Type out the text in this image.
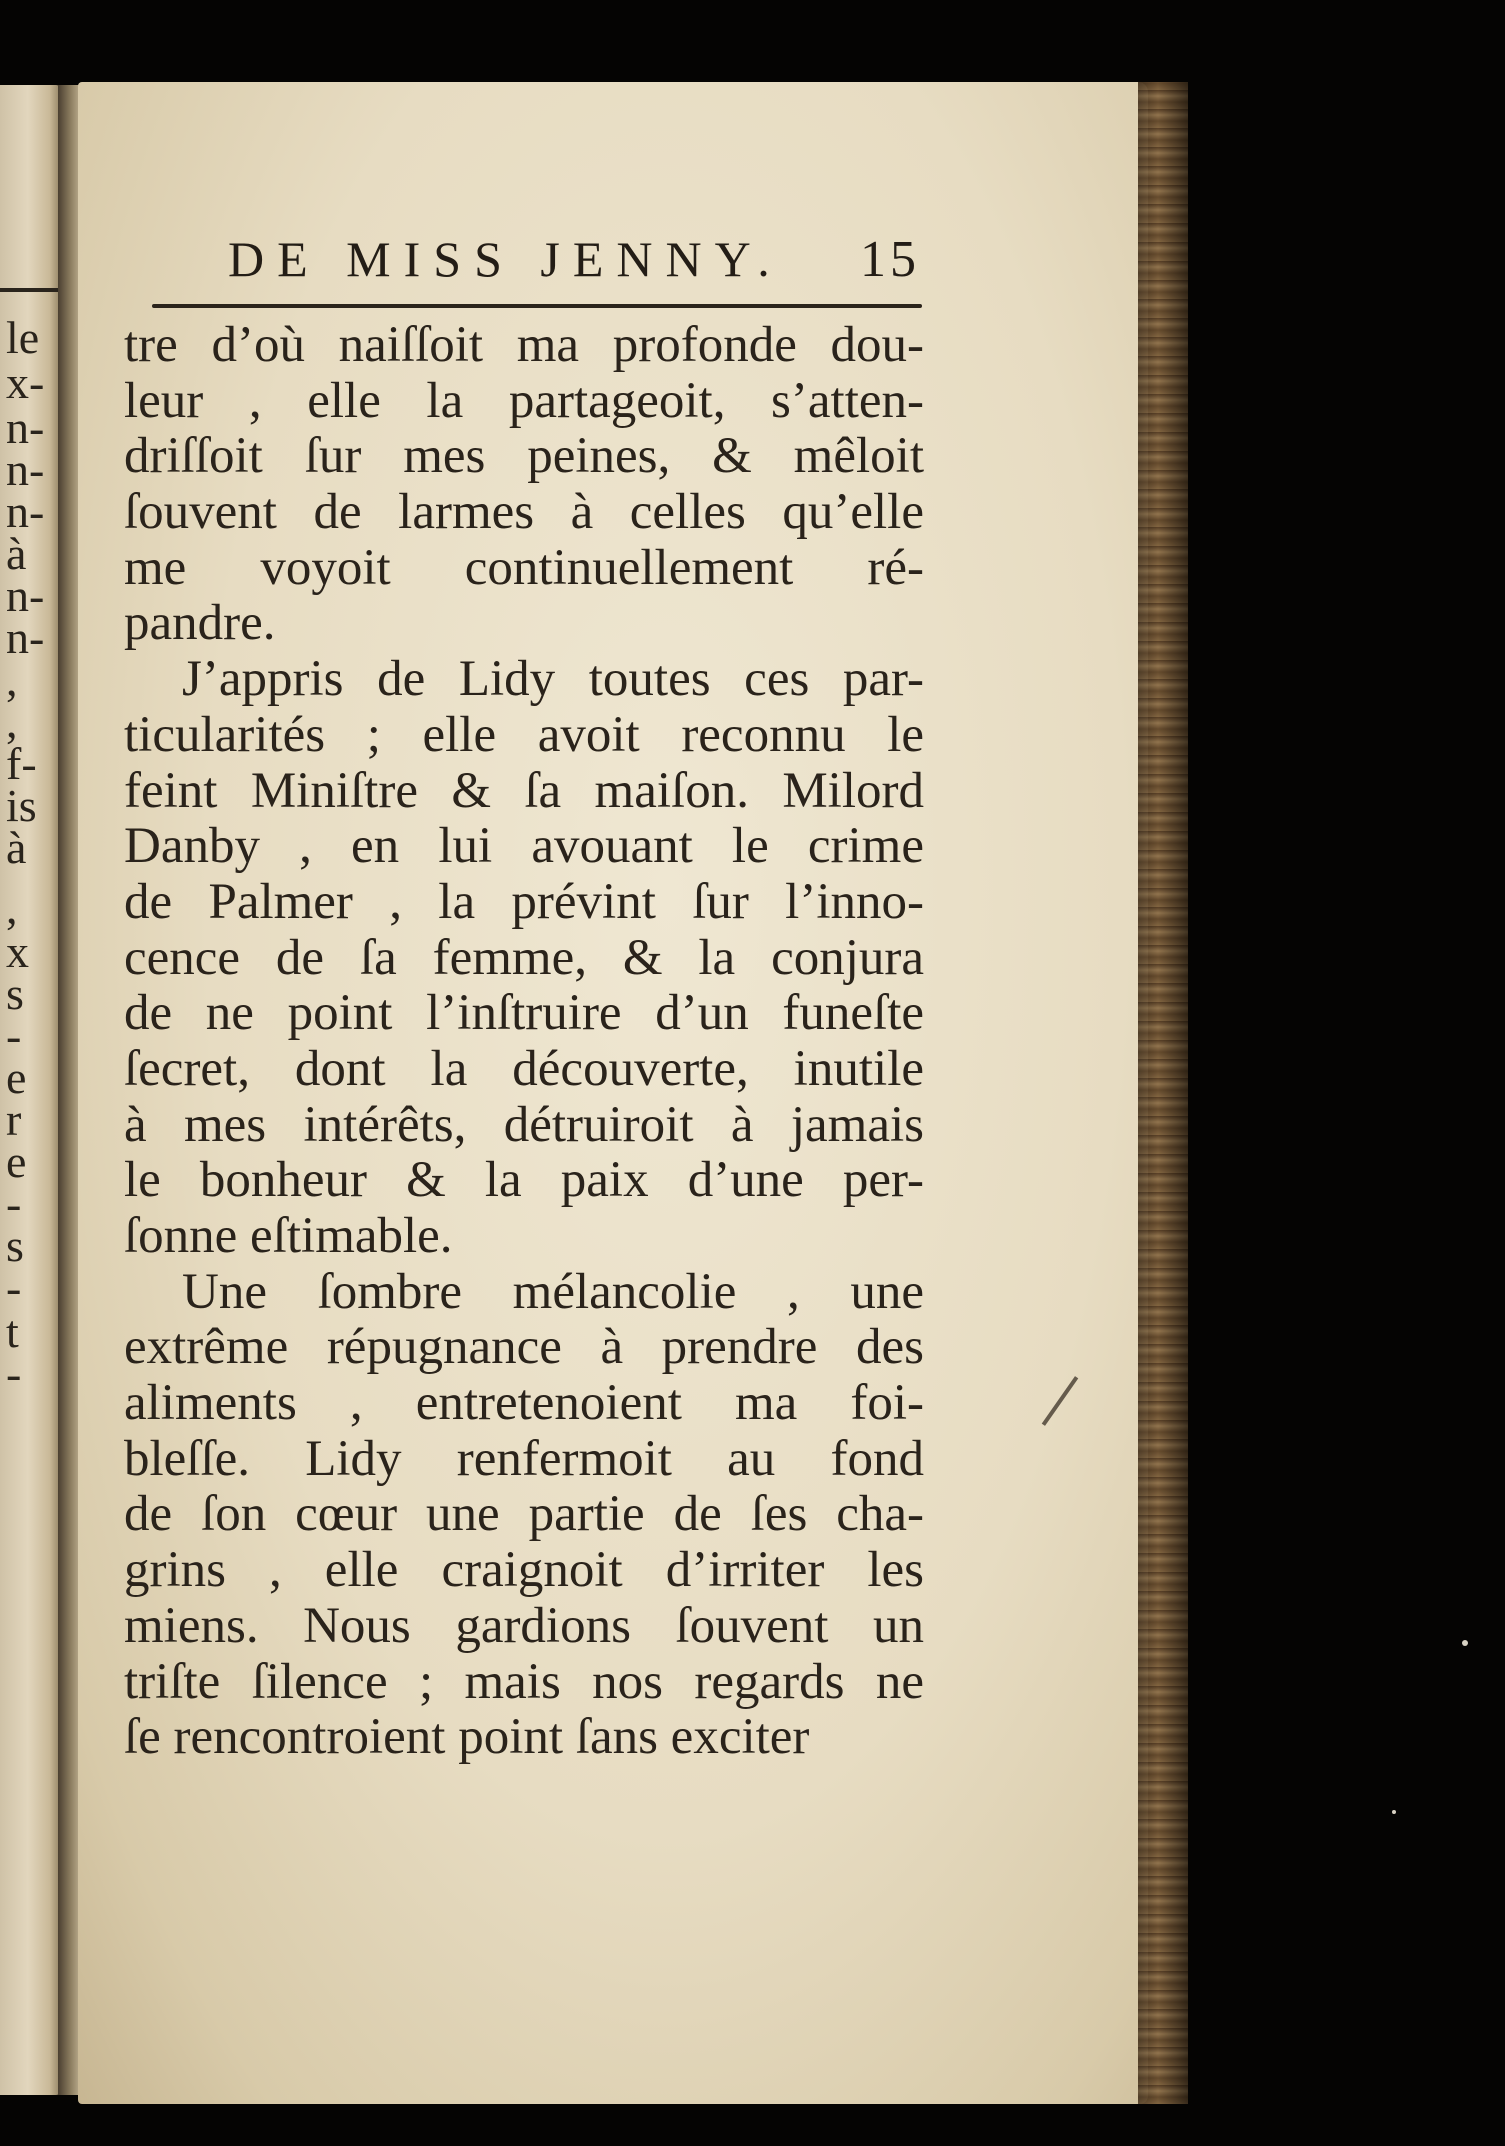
le
x-
n-
n-
n-
à
n-
n-
,
,
f-
is
à
,
x
s
-
e
r
e
-
s
-
t
-
DE MISS JENNY. 15
tre d’où naiſſoit ma profonde dou-
leur , elle la partageoit, s’atten-
driſſoit ſur mes peines, & mêloit
ſouvent de larmes à celles qu’elle
me voyoit continuellement ré-
pandre.
J’appris de Lidy toutes ces par-
ticularités ; elle avoit reconnu le
feint Miniſtre & ſa maiſon. Milord
Danby , en lui avouant le crime
de Palmer , la prévint ſur l’inno-
cence de ſa femme, & la conjura
de ne point l’inſtruire d’un funeſte
ſecret, dont la découverte, inutile
à mes intérêts, détruiroit à jamais
le bonheur & la paix d’une per-
ſonne eſtimable.
Une ſombre mélancolie , une
extrême répugnance à prendre des
aliments , entretenoient ma foi-
bleſſe. Lidy renfermoit au fond
de ſon cœur une partie de ſes cha-
grins , elle craignoit d’irriter les
miens. Nous gardions ſouvent un
triſte ſilence ; mais nos regards ne
ſe rencontroient point ſans exciter
